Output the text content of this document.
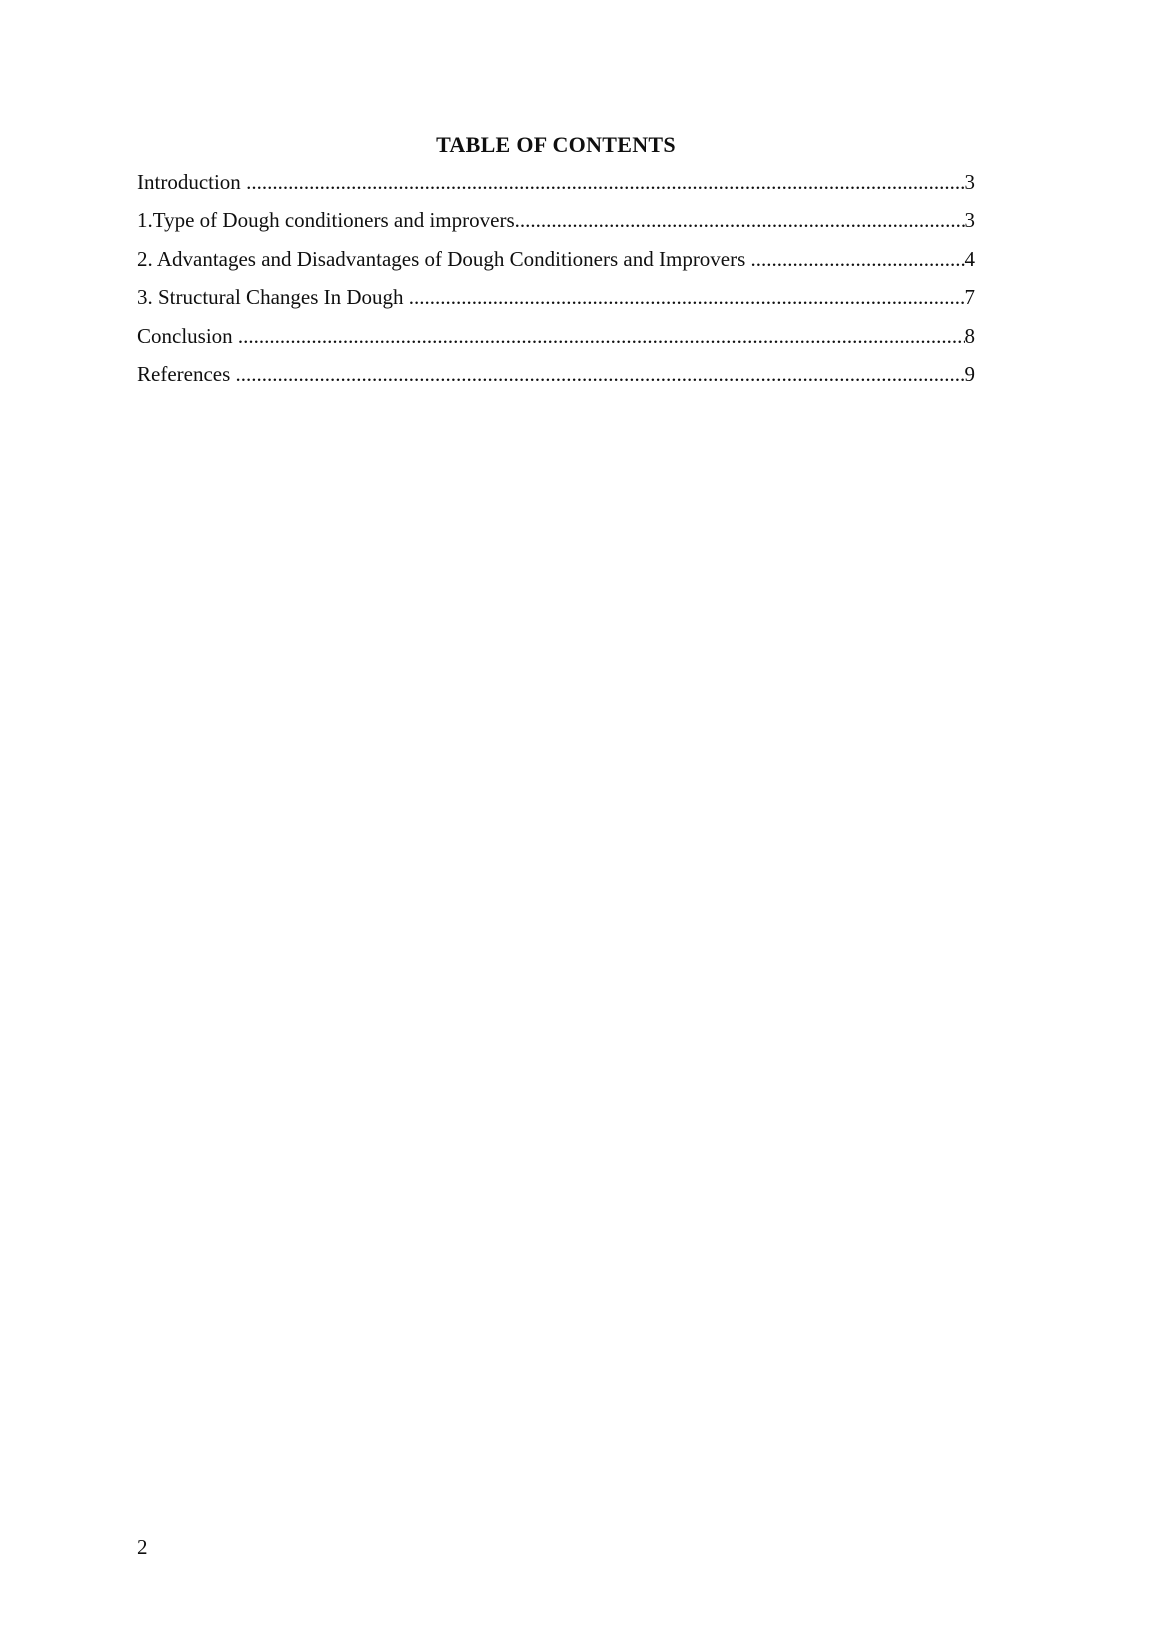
TABLE OF CONTENTS
Introduction .....	3
1.Type of Dough conditioners and improvers .....	3
2. Advantages and Disadvantages of Dough Conditioners and Improvers .....	4
3. Structural Changes In Dough .....	7
Conclusion .....	8
References .....	9
2
